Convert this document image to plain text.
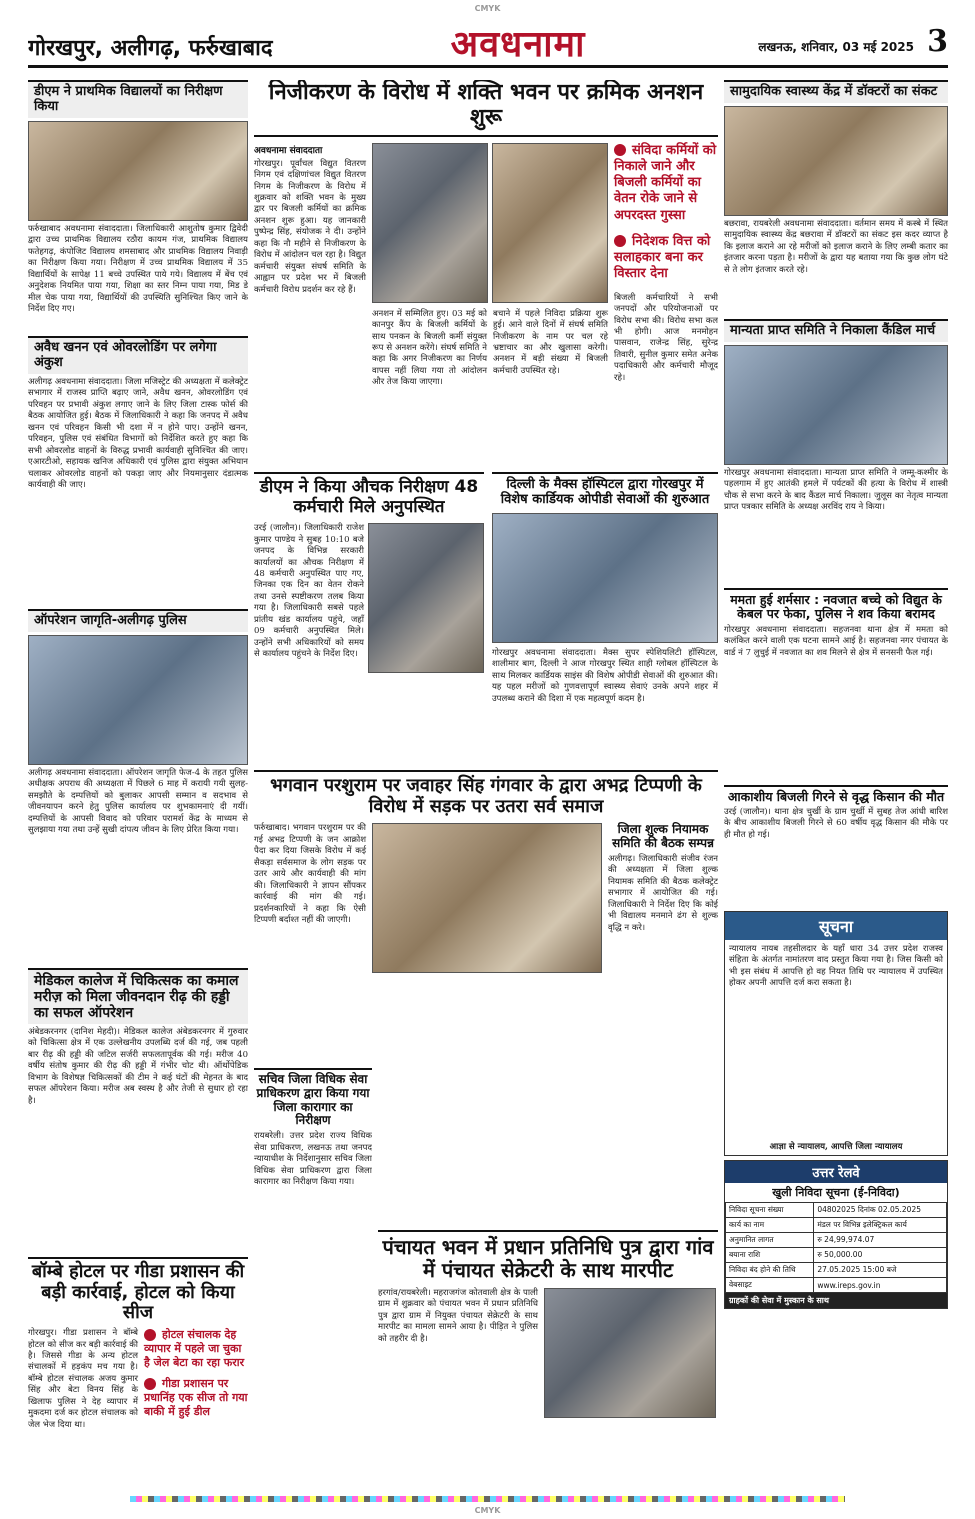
CMYK
गोरखपुर, अलीगढ़, फर्रुखाबाद	अवधनामा	लखनऊ, शनिवार, 03 मई 2025 3
डीएम ने प्राथमिक विद्यालयों का निरीक्षण किया
फर्रुखाबाद अवधनामा संवाददाता। जिलाधिकारी आशुतोष कुमार द्विवेदी द्वारा उच्च प्राथमिक विद्यालय रठौरा कायम गंज, प्राथमिक विद्यालय फतेहगढ़, कंपोजिट विद्यालय शमसाबाद और प्राथमिक विद्यालय निवाड़ी का निरीक्षण किया गया। निरीक्षण में उच्च प्राथमिक विद्यालय में 35 विद्यार्थियों के सापेक्ष 11 बच्चे उपस्थित पाये गये। विद्यालय में बेंच एवं अनुदेशक नियमित पाया गया, शिक्षा का स्तर निम्न पाया गया, मिड डे मील चेक पाया गया, विद्यार्थियों की उपस्थिति सुनिश्चित किए जाने के निर्देश दिए गए।
अवैध खनन एवं ओवरलोडिंग पर लगेगा अंकुश
अलीगढ़ अवधनामा संवाददाता। जिला मजिस्ट्रेट की अध्यक्षता में कलेक्ट्रेट सभागार में राजस्व प्राप्ति बढ़ाए जाने, अवैध खनन, ओवरलोडिंग एवं परिवहन पर प्रभावी अंकुश लगाए जाने के लिए जिला टास्क फोर्स की बैठक आयोजित हुई। बैठक में जिलाधिकारी ने कहा कि जनपद में अवैध खनन एवं परिवहन किसी भी दशा में न होने पाए। उन्होंने खनन, परिवहन, पुलिस एवं संबंधित विभागों को निर्देशित करते हुए कहा कि सभी ओवरलोड वाहनों के विरुद्ध प्रभावी कार्यवाही सुनिश्चित की जाए। एआरटीओ, सहायक खनिज अधिकारी एवं पुलिस द्वारा संयुक्त अभियान चलाकर ओवरलोड वाहनों को पकड़ा जाए और नियमानुसार दंडात्मक कार्यवाही की जाए।
ऑपरेशन जागृति-अलीगढ़ पुलिस
अलीगढ़ अवधनामा संवाददाता। ऑपरेशन जागृति फेज-4 के तहत पुलिस अधीक्षक अपराध की अध्यक्षता में पिछले 6 माह में करायी गयी सुलह-समझौते के दम्पत्तियों को बुलाकर आपसी सम्मान व सदभाव से जीवनयापन करने हेतु पुलिस कार्यालय पर शुभकामनाएं दी गयीं। दम्पत्तियों के आपसी विवाद को परिवार परामर्श केंद्र के माध्यम से सुलझाया गया तथा उन्हें सुखी दांपत्य जीवन के लिए प्रेरित किया गया।
मेडिकल कालेज में चिकित्सक का कमाल मरीज़ को मिला जीवनदान रीढ़ की हड्डी का सफल ऑपरेशन
अंबेडकरनगर (दानिश मेहदी)। मेडिकल कालेज अंबेडकरनगर में गुरुवार को चिकित्सा क्षेत्र में एक उल्लेखनीय उपलब्धि दर्ज की गई, जब पहली बार रीढ़ की हड्डी की जटिल सर्जरी सफलतापूर्वक की गई। मरीज 40 वर्षीय संतोष कुमार की रीढ़ की हड्डी में गंभीर चोट थी। ऑर्थोपेडिक विभाग के विशेषज्ञ चिकित्सकों की टीम ने कई घंटों की मेहनत के बाद सफल ऑपरेशन किया। मरीज अब स्वस्थ है और तेजी से सुधार हो रहा है।
बॉम्बे होटल पर गीडा प्रशासन की बड़ी कार्रवाई, होटल को किया सीज
गोरखपुर। गीडा प्रशासन ने बॉम्बे होटल को सीज कर बड़ी कार्रवाई की है। जिससे गीडा के अन्य होटल संचालकों में हड़कंप मच गया है। बॉम्बे होटल संचालक अजय कुमार सिंह और बेटा विनय सिंह के खिलाफ पुलिस ने देह व्यापार में मुकदमा दर्ज कर होटल संचालक को जेल भेज दिया था।
होटल संचालक देह व्यापार में पहले जा चुका है जेल बेटा का रहा फरार
गीडा प्रशासन पर प्रधानिंह एक सीज तो गया बाकी में हुई डील
निजीकरण के विरोध में शक्ति भवन पर क्रमिक अनशन शुरू
अवधनामा संवाददाता
गोरखपुर। पूर्वांचल विद्युत वितरण निगम एवं दक्षिणांचल विद्युत वितरण निगम के निजीकरण के विरोध में शुक्रवार को शक्ति भवन के मुख्य द्वार पर बिजली कर्मियों का क्रमिक अनशन शुरू हुआ। यह जानकारी पुष्पेन्द्र सिंह, संयोजक ने दी। उन्होंने कहा कि नौ महीने से निजीकरण के विरोध में आंदोलन चल रहा है। विद्युत कर्मचारी संयुक्त संघर्ष समिति के आह्वान पर प्रदेश भर में बिजली कर्मचारी विरोध प्रदर्शन कर रहे हैं।
अनशन में सम्मिलित हुए। 03 मई को कानपुर कैंप के बिजली कर्मियों के साथ पनकन के बिजली कर्मी संयुक्त रूप से अनशन करेंगे। संघर्ष समिति ने कहा कि अगर निजीकरण का निर्णय वापस नहीं लिया गया तो आंदोलन और तेज किया जाएगा।
बचाने में पहले निविदा प्रक्रिया शुरू हुई। आने वाले दिनों में संघर्ष समिति निजीकरण के नाम पर चल रहे भ्रष्टाचार का और खुलासा करेगी। अनशन में बड़ी संख्या में बिजली कर्मचारी उपस्थित रहे।
संविदा कर्मियों को निकाले जाने और बिजली कर्मियों का वेतन रोके जाने से अपरदस्त गुस्सा
निदेशक वित्त को सलाहकार बना कर विस्तार देना
बिजली कर्मचारियों ने सभी जनपदों और परियोजनाओं पर विरोध सभा की। विरोध सभा कल भी होगी। आज मनमोहन पासवान, राजेन्द्र सिंह, सुरेन्द्र तिवारी, सुनील कुमार समेत अनेक पदाधिकारी और कर्मचारी मौजूद रहे।
डीएम ने किया औचक निरीक्षण 48 कर्मचारी मिले अनुपस्थित
उरई (जालौन)। जिलाधिकारी राजेश कुमार पाण्डेय ने सुबह 10:10 बजे जनपद के विभिन्न सरकारी कार्यालयों का औचक निरीक्षण में 48 कर्मचारी अनुपस्थित पाए गए, जिनका एक दिन का वेतन रोकने तथा उनसे स्पष्टीकरण तलब किया गया है। जिलाधिकारी सबसे पहले प्रांतीय खंड कार्यालय पहुंचे, जहाँ 09 कर्मचारी अनुपस्थित मिले। उन्होंने सभी अधिकारियों को समय से कार्यालय पहुंचने के निर्देश दिए।
दिल्ली के मैक्स हॉस्पिटल द्वारा गोरखपुर में विशेष कार्डियक ओपीडी सेवाओं की शुरुआत
गोरखपुर अवधनामा संवाददाता। मैक्स सुपर स्पेशियलिटी हॉस्पिटल, शालीमार बाग, दिल्ली ने आज गोरखपुर स्थित शाही ग्लोबल हॉस्पिटल के साथ मिलकर कार्डियक साइंस की विशेष ओपीडी सेवाओं की शुरुआत की। यह पहल मरीजों को गुणवत्तापूर्ण स्वास्थ्य सेवाएं उनके अपने शहर में उपलब्ध कराने की दिशा में एक महत्वपूर्ण कदम है।
भगवान परशुराम पर जवाहर सिंह गंगवार के द्वारा अभद्र टिप्पणी के विरोध में सड़क पर उतरा सर्व समाज
फर्रुखाबाद। भगवान परशुराम पर की गई अभद्र टिप्पणी के जन आक्रोश पैदा कर दिया जिसके विरोध में कई सैकड़ा सर्वसमाज के लोग सड़क पर उतर आये और कार्यवाही की मांग की। जिलाधिकारी ने ज्ञापन सौंपकर कार्रवाई की मांग की गई। प्रदर्शनकारियों ने कहा कि ऐसी टिप्पणी बर्दाश्त नहीं की जाएगी।
जिला शुल्क नियामक समिति की बैठक सम्पन्न
अलीगढ़। जिलाधिकारी संजीव रंजन की अध्यक्षता में जिला शुल्क नियामक समिति की बैठक कलेक्ट्रेट सभागार में आयोजित की गई। जिलाधिकारी ने निर्देश दिए कि कोई भी विद्यालय मनमाने ढंग से शुल्क वृद्धि न करे।
सचिव जिला विधिक सेवा प्राधिकरण द्वारा किया गया जिला कारागार का निरीक्षण
रायबरेली। उत्तर प्रदेश राज्य विधिक सेवा प्राधिकरण, लखनऊ तथा जनपद न्यायाधीश के निर्देशानुसार सचिव जिला विधिक सेवा प्राधिकरण द्वारा जिला कारागार का निरीक्षण किया गया।
पंचायत भवन में प्रधान प्रतिनिधि पुत्र द्वारा गांव में पंचायत सेक्रेटरी के साथ मारपीट
हरगांव/रायबरेली। महराजगंज कोतवाली क्षेत्र के पाली ग्राम में शुक्रवार को पंचायत भवन में प्रधान प्रतिनिधि पुत्र द्वारा ग्राम में नियुक्त पंचायत सेक्रेटरी के साथ मारपीट का मामला सामने आया है। पीड़ित ने पुलिस को तहरीर दी है।
सामुदायिक स्वास्थ्य केंद्र में डॉक्टरों का संकट
बछरावा, रायबरेली अवधनामा संवाददाता। वर्तमान समय में कस्बे में स्थित सामुदायिक स्वास्थ्य केंद्र बछरावा में डॉक्टरों का संकट इस कदर व्याप्त है कि इलाज कराने आ रहे मरीजों को इलाज कराने के लिए लम्बी कतार का इंतजार करना पड़ता है। मरीजों के द्वारा यह बताया गया कि कुछ लोग घंटे से ते लोग इंतजार करते रहे।
मान्यता प्राप्त समिति ने निकाला कैंडिल मार्च
गोरखपुर अवधनामा संवाददाता। मान्यता प्राप्त समिति ने जम्मू-कश्मीर के पहलगाम में हुए आतंकी हमले में पर्यटकों की हत्या के विरोध में शास्त्री चौक से सभा करने के बाद कैंडल मार्च निकाला। जुलूस का नेतृत्व मान्यता प्राप्त पत्रकार समिति के अध्यक्ष अरविंद राय ने किया।
ममता हुई शर्मसार : नवजात बच्चे को विद्युत के केबल पर फेका, पुलिस ने शव किया बरामद
गोरखपुर अवधनामा संवाददाता। सहजनवा थाना क्षेत्र में ममता को कलंकित करने वाली एक घटना सामने आई है। सहजनवा नगर पंचायत के वार्ड नं 7 लुचुई में नवजात का शव मिलने से क्षेत्र में सनसनी फैल गई।
आकाशीय बिजली गिरने से वृद्ध किसान की मौत
उरई (जालौन)। थाना क्षेत्र चुर्खी के ग्राम चुर्खी में सुबह तेज आंधी बारिश के बीच आकाशीय बिजली गिरने से 60 वर्षीय वृद्ध किसान की मौके पर ही मौत हो गई।
सूचना
न्यायालय नायब तहसीलदार के यहाँ धारा 34 उत्तर प्रदेश राजस्व संहिता के अंतर्गत नामांतरण वाद प्रस्तुत किया गया है। जिस किसी को भी इस संबंध में आपत्ति हो वह नियत तिथि पर न्यायालय में उपस्थित होकर अपनी आपत्ति दर्ज करा सकता है।
आज्ञा से न्यायालय, आपत्ति जिला न्यायालय
उत्तर रेलवे
खुली निविदा सूचना (ई-निविदा)
निविदा सूचना संख्या	04802025 दिनांक 02.05.2025
कार्य का नाम	मंडल पर विभिन्न इलेक्ट्रिकल कार्य
अनुमानित लागत	रु 24,99,974.07
बयाना राशि	रु 50,000.00
निविदा बंद होने की तिथि	27.05.2025 15:00 बजे
वेबसाइट	www.ireps.gov.in
ग्राहकों की सेवा में मुस्कान के साथ
CMYK
